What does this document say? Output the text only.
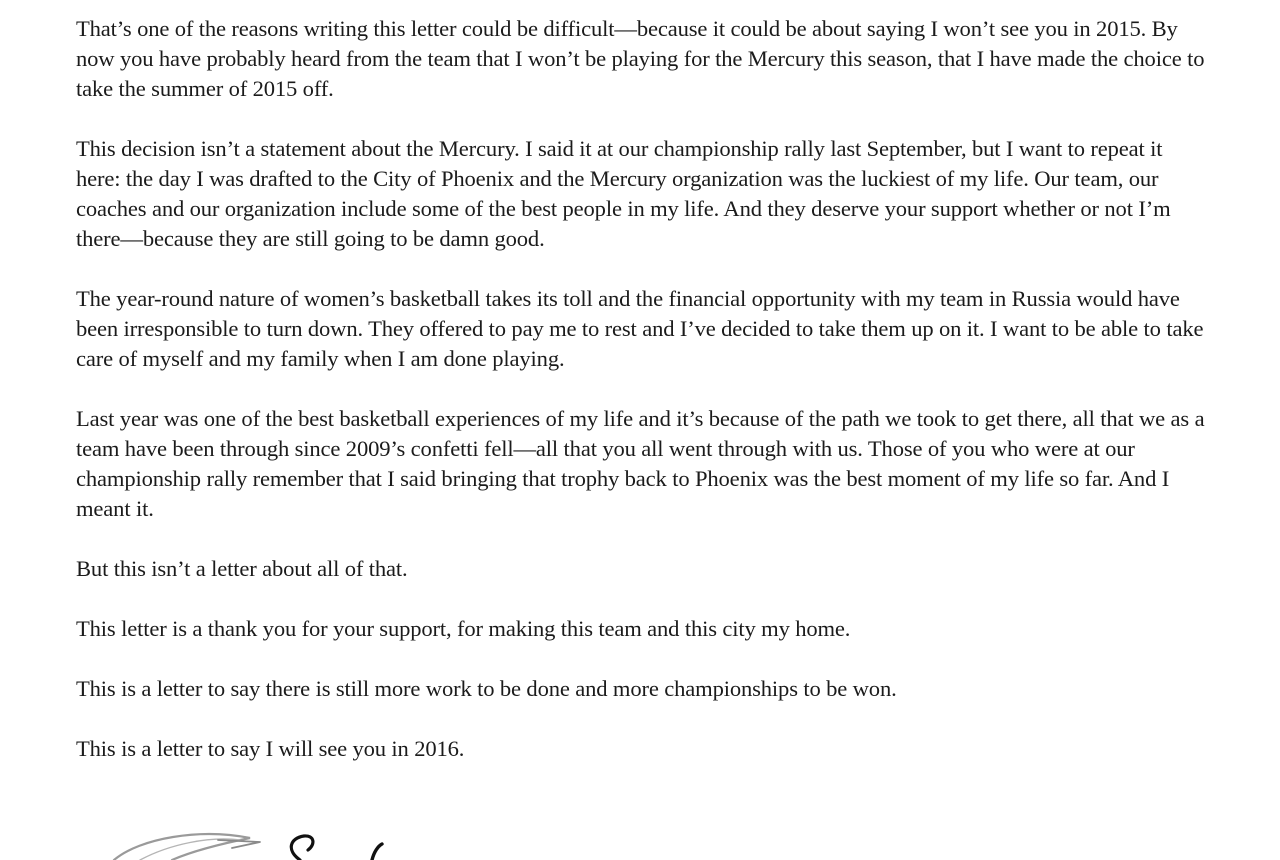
That’s one of the reasons writing this letter could be difficult—because it could be about saying I won’t see you in 2015. By now you have probably heard from the team that I won’t be playing for the Mercury this season, that I have made the choice to take the summer of 2015 off.

This decision isn’t a statement about the Mercury. I said it at our championship rally last September, but I want to repeat it here: the day I was drafted to the City of Phoenix and the Mercury organization was the luckiest of my life. Our team, our coaches and our organization include some of the best people in my life. And they deserve your support whether or not I’m there—because they are still going to be damn good.

The year-round nature of women’s basketball takes its toll and the financial opportunity with my team in Russia would have been irresponsible to turn down. They offered to pay me to rest and I’ve decided to take them up on it. I want to be able to take care of myself and my family when I am done playing.

Last year was one of the best basketball experiences of my life and it’s because of the path we took to get there, all that we as a team have been through since 2009’s confetti fell—all that you all went through with us. Those of you who were at our championship rally remember that I said bringing that trophy back to Phoenix was the best moment of my life so far. And I meant it.

But this isn’t a letter about all of that.

This letter is a thank you for your support, for making this team and this city my home.

This is a letter to say there is still more work to be done and more championships to be won.

This is a letter to say I will see you in 2016.
